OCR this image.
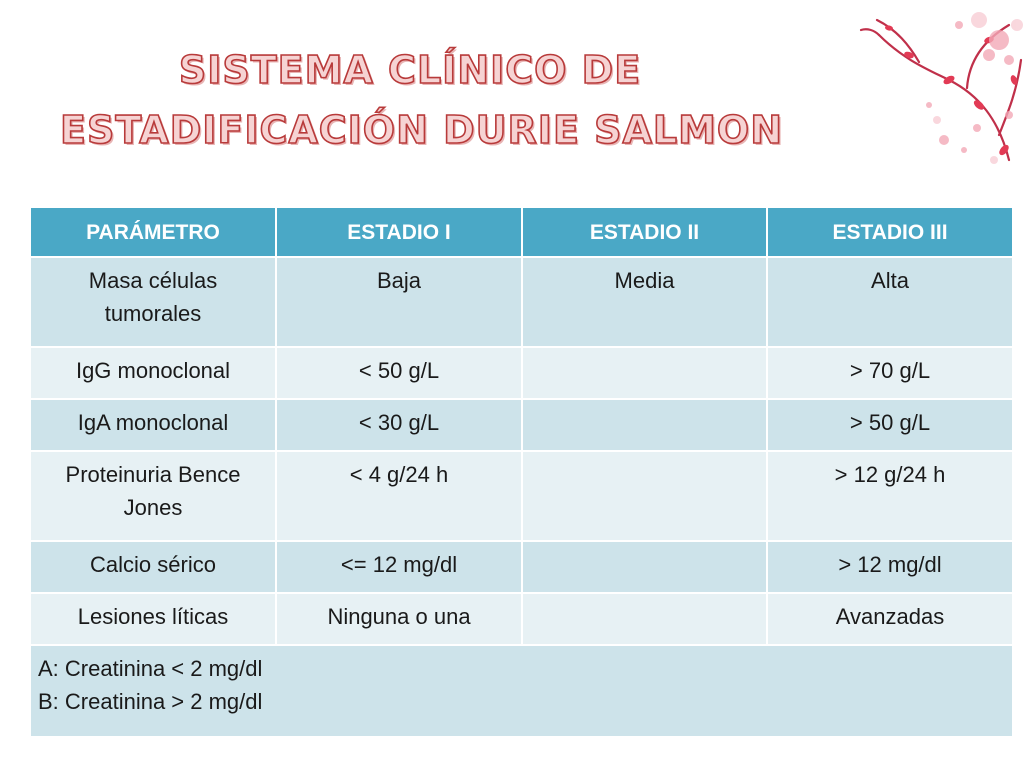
SISTEMA CLÍNICO DE
ESTADIFICACIÓN DURIE SALMON
PARÁMETRO	ESTADIO I	ESTADIO II	ESTADIO III
Masa células tumorales	Baja	Media	Alta
IgG monoclonal	< 50 g/L		> 70 g/L
IgA monoclonal	< 30 g/L		> 50 g/L
Proteinuria Bence Jones	< 4 g/24 h		> 12 g/24 h
Calcio sérico	<= 12 mg/dl		> 12 mg/dl
Lesiones líticas	Ninguna o una		Avanzadas

A: Creatinina < 2 mg/dl
B: Creatinina > 2 mg/dl			
